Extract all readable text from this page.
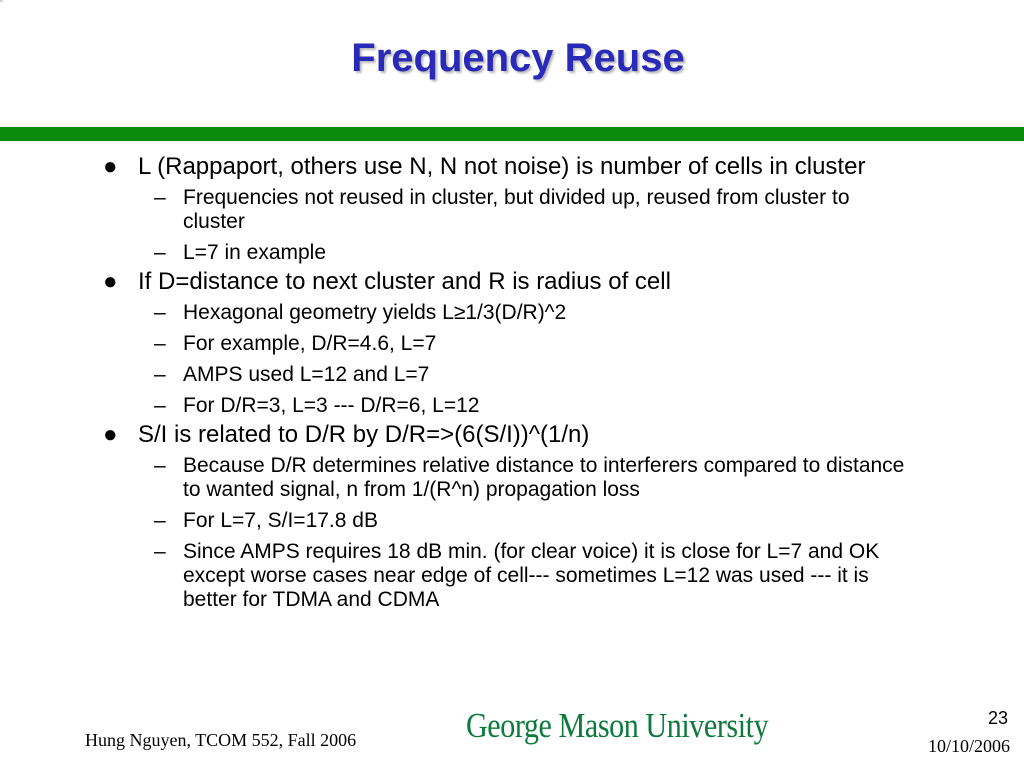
˚
Frequency Reuse
● L (Rappaport, others use N, N not noise) is number of cells in cluster
– Frequencies not reused in cluster, but divided up, reused from cluster to cluster
– L=7 in example
● If D=distance to next cluster and R is radius of cell
– Hexagonal geometry yields L≥1/3(D/R)^2
– For example, D/R=4.6, L=7
– AMPS used L=12 and L=7
– For D/R=3, L=3 --- D/R=6, L=12
● S/I is related to D/R by D/R=>(6(S/I))^(1/n)
– Because D/R determines relative distance to interferers compared to distance to wanted signal, n from 1/(R^n) propagation loss
– For L=7, S/I=17.8 dB
– Since AMPS requires 18 dB min. (for clear voice) it is close for L=7 and OK except worse cases near edge of cell--- sometimes L=12 was used --- it is better for TDMA and CDMA
Hung Nguyen, TCOM 552, Fall 2006	George Mason University	23
10/10/2006
